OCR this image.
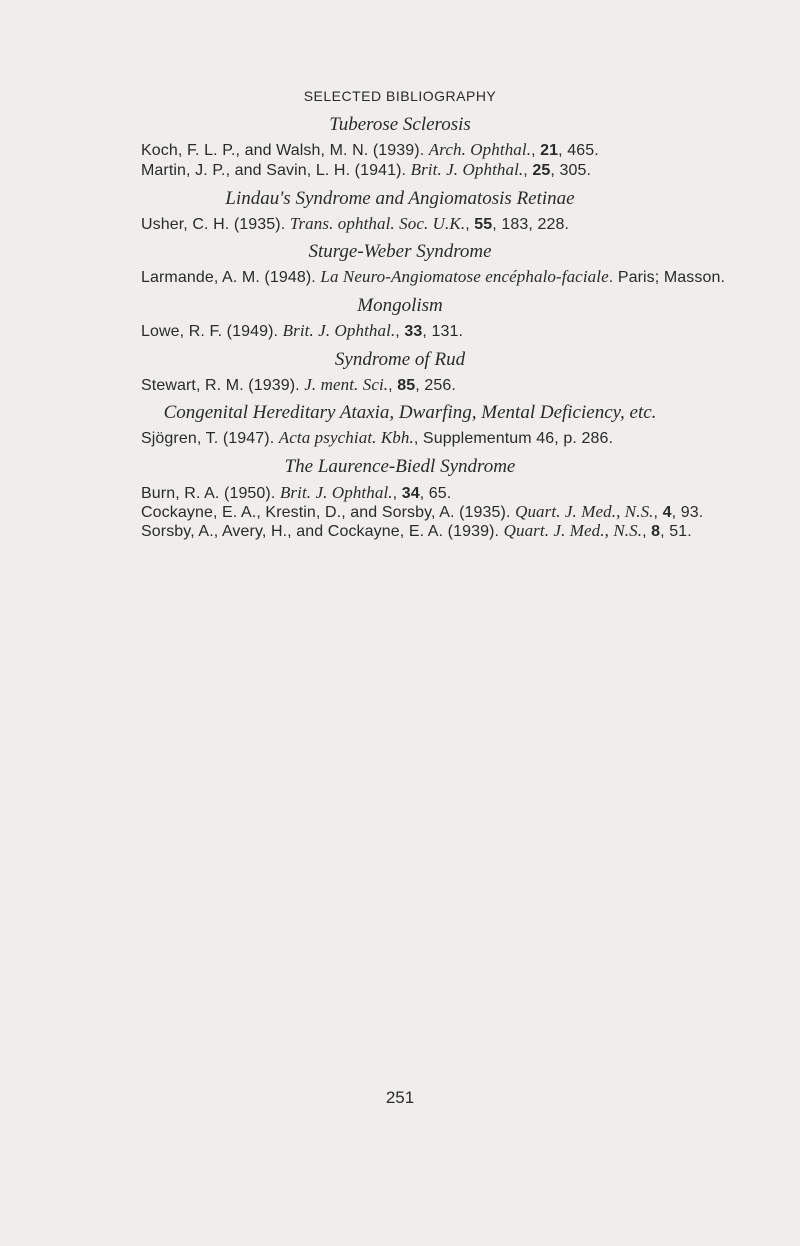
SELECTED BIBLIOGRAPHY
Tuberose Sclerosis
Koch, F. L. P., and Walsh, M. N. (1939). Arch. Ophthal., 21, 465.
Martin, J. P., and Savin, L. H. (1941). Brit. J. Ophthal., 25, 305.
Lindau's Syndrome and Angiomatosis Retinae
Usher, C. H. (1935). Trans. ophthal. Soc. U.K., 55, 183, 228.
Sturge-Weber Syndrome
Larmande, A. M. (1948). La Neuro-Angiomatose encéphalo-faciale. Paris; Masson.
Mongolism
Lowe, R. F. (1949). Brit. J. Ophthal., 33, 131.
Syndrome of Rud
Stewart, R. M. (1939). J. ment. Sci., 85, 256.
Congenital Hereditary Ataxia, Dwarfing, Mental Deficiency, etc.
Sjögren, T. (1947). Acta psychiat. Kbh., Supplementum 46, p. 286.
The Laurence-Biedl Syndrome
Burn, R. A. (1950). Brit. J. Ophthal., 34, 65.
Cockayne, E. A., Krestin, D., and Sorsby, A. (1935). Quart. J. Med., N.S., 4, 93.
Sorsby, A., Avery, H., and Cockayne, E. A. (1939). Quart. J. Med., N.S., 8, 51.
251
